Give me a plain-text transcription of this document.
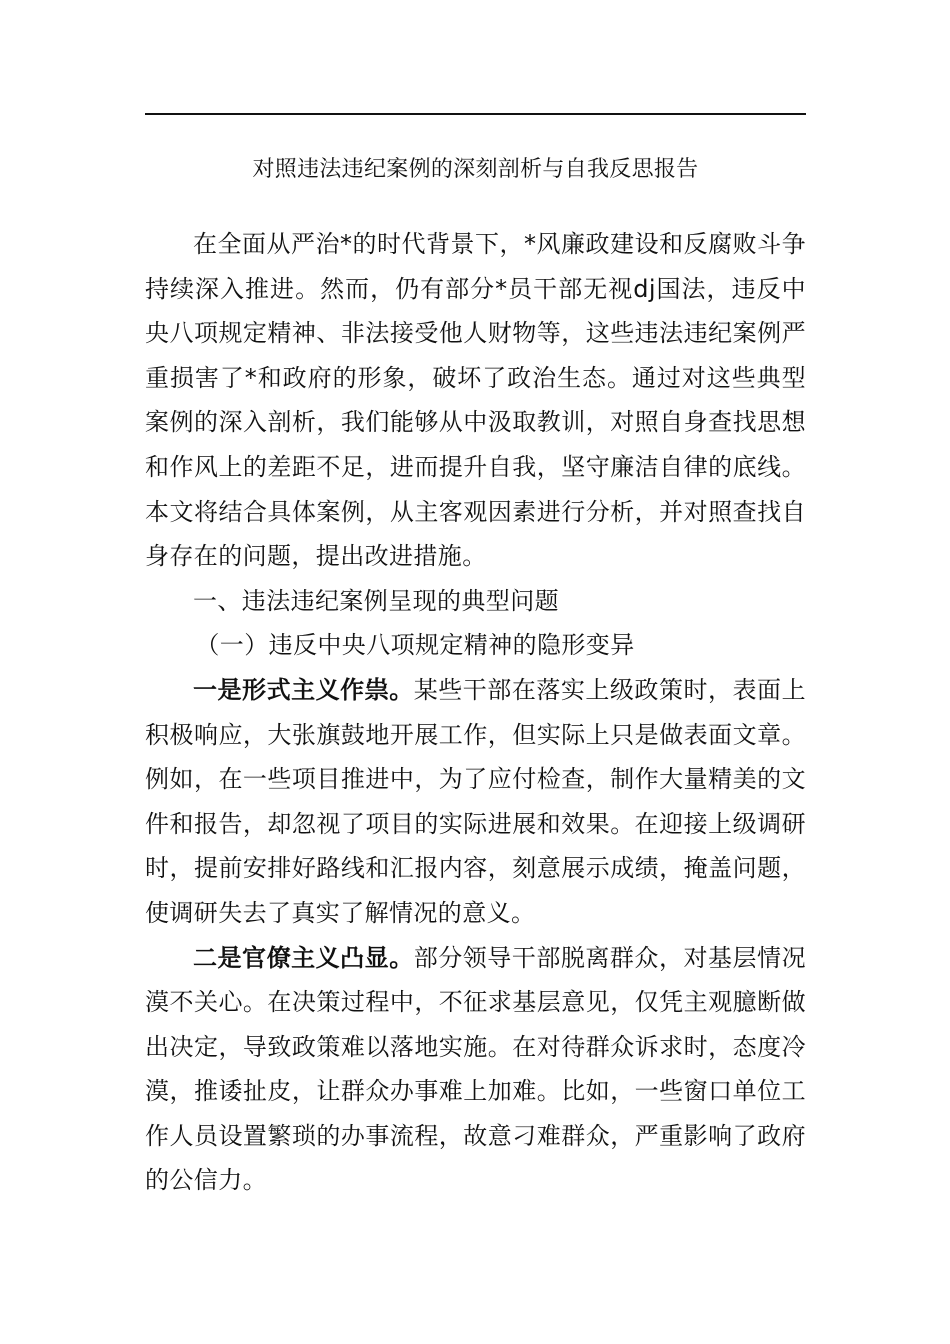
对照违法违纪案例的深刻剖析与自我反思报告

在全面从严治*的时代背景下，*风廉政建设和反腐败斗争持续深入推进。然而，仍有部分*员干部无视dj国法，违反中央八项规定精神、非法接受他人财物等，这些违法违纪案例严重损害了*和政府的形象，破坏了政治生态。通过对这些典型案例的深入剖析，我们能够从中汲取教训，对照自身查找思想和作风上的差距不足，进而提升自我，坚守廉洁自律的底线。本文将结合具体案例，从主客观因素进行分析，并对照查找自身存在的问题，提出改进措施。

一、违法违纪案例呈现的典型问题

（一）违反中央八项规定精神的隐形变异

一是形式主义作祟。某些干部在落实上级政策时，表面上积极响应，大张旗鼓地开展工作，但实际上只是做表面文章。例如，在一些项目推进中，为了应付检查，制作大量精美的文件和报告，却忽视了项目的实际进展和效果。在迎接上级调研时，提前安排好路线和汇报内容，刻意展示成绩，掩盖问题，使调研失去了真实了解情况的意义。

二是官僚主义凸显。部分领导干部脱离群众，对基层情况漠不关心。在决策过程中，不征求基层意见，仅凭主观臆断做出决定，导致政策难以落地实施。在对待群众诉求时，态度冷漠，推诿扯皮，让群众办事难上加难。比如，一些窗口单位工作人员设置繁琐的办事流程，故意刁难群众，严重影响了政府的公信力。
